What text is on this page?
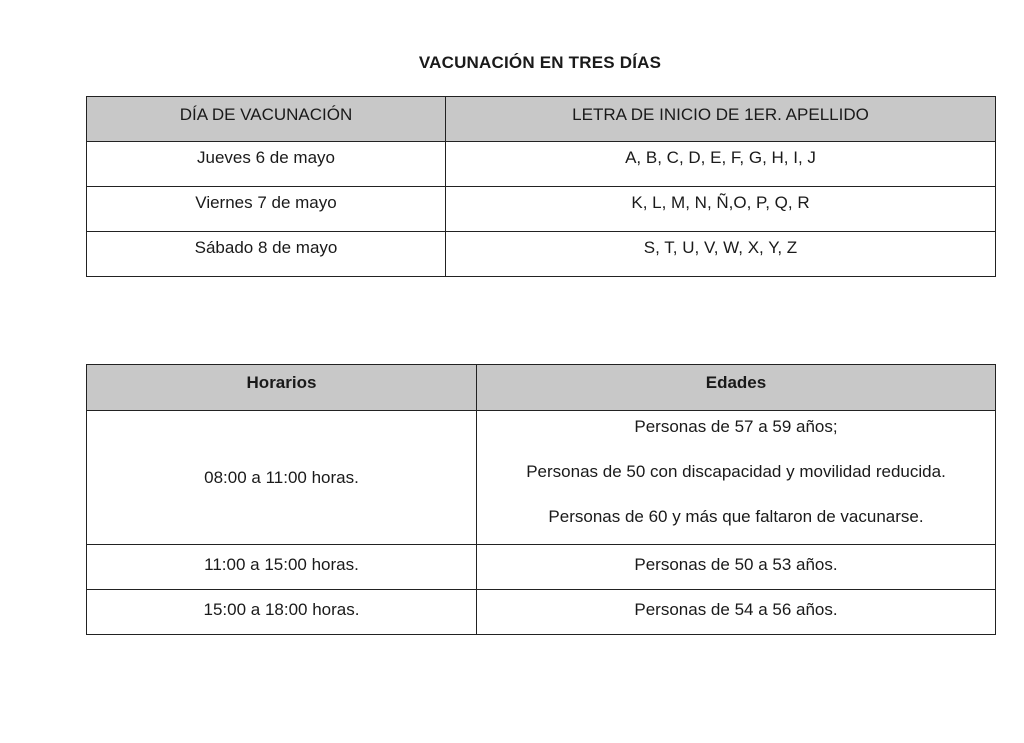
VACUNACIÓN EN TRES DÍAS
DÍA DE VACUNACIÓN	LETRA DE INICIO DE 1ER. APELLIDO
Jueves 6 de mayo	A, B, C, D, E, F, G, H, I, J
Viernes 7 de mayo	K, L, M, N, Ñ,O, P, Q, R
Sábado 8 de mayo	S, T, U, V, W, X, Y, Z
Horarios	Edades
08:00 a 11:00 horas.	Personas de 57 a 59 años;
Personas de 50 con discapacidad y movilidad reducida.
Personas de 60 y más que faltaron de vacunarse.

11:00 a 15:00 horas.	Personas de 50 a 53 años.
15:00 a 18:00 horas.	Personas de 54 a 56 años.
